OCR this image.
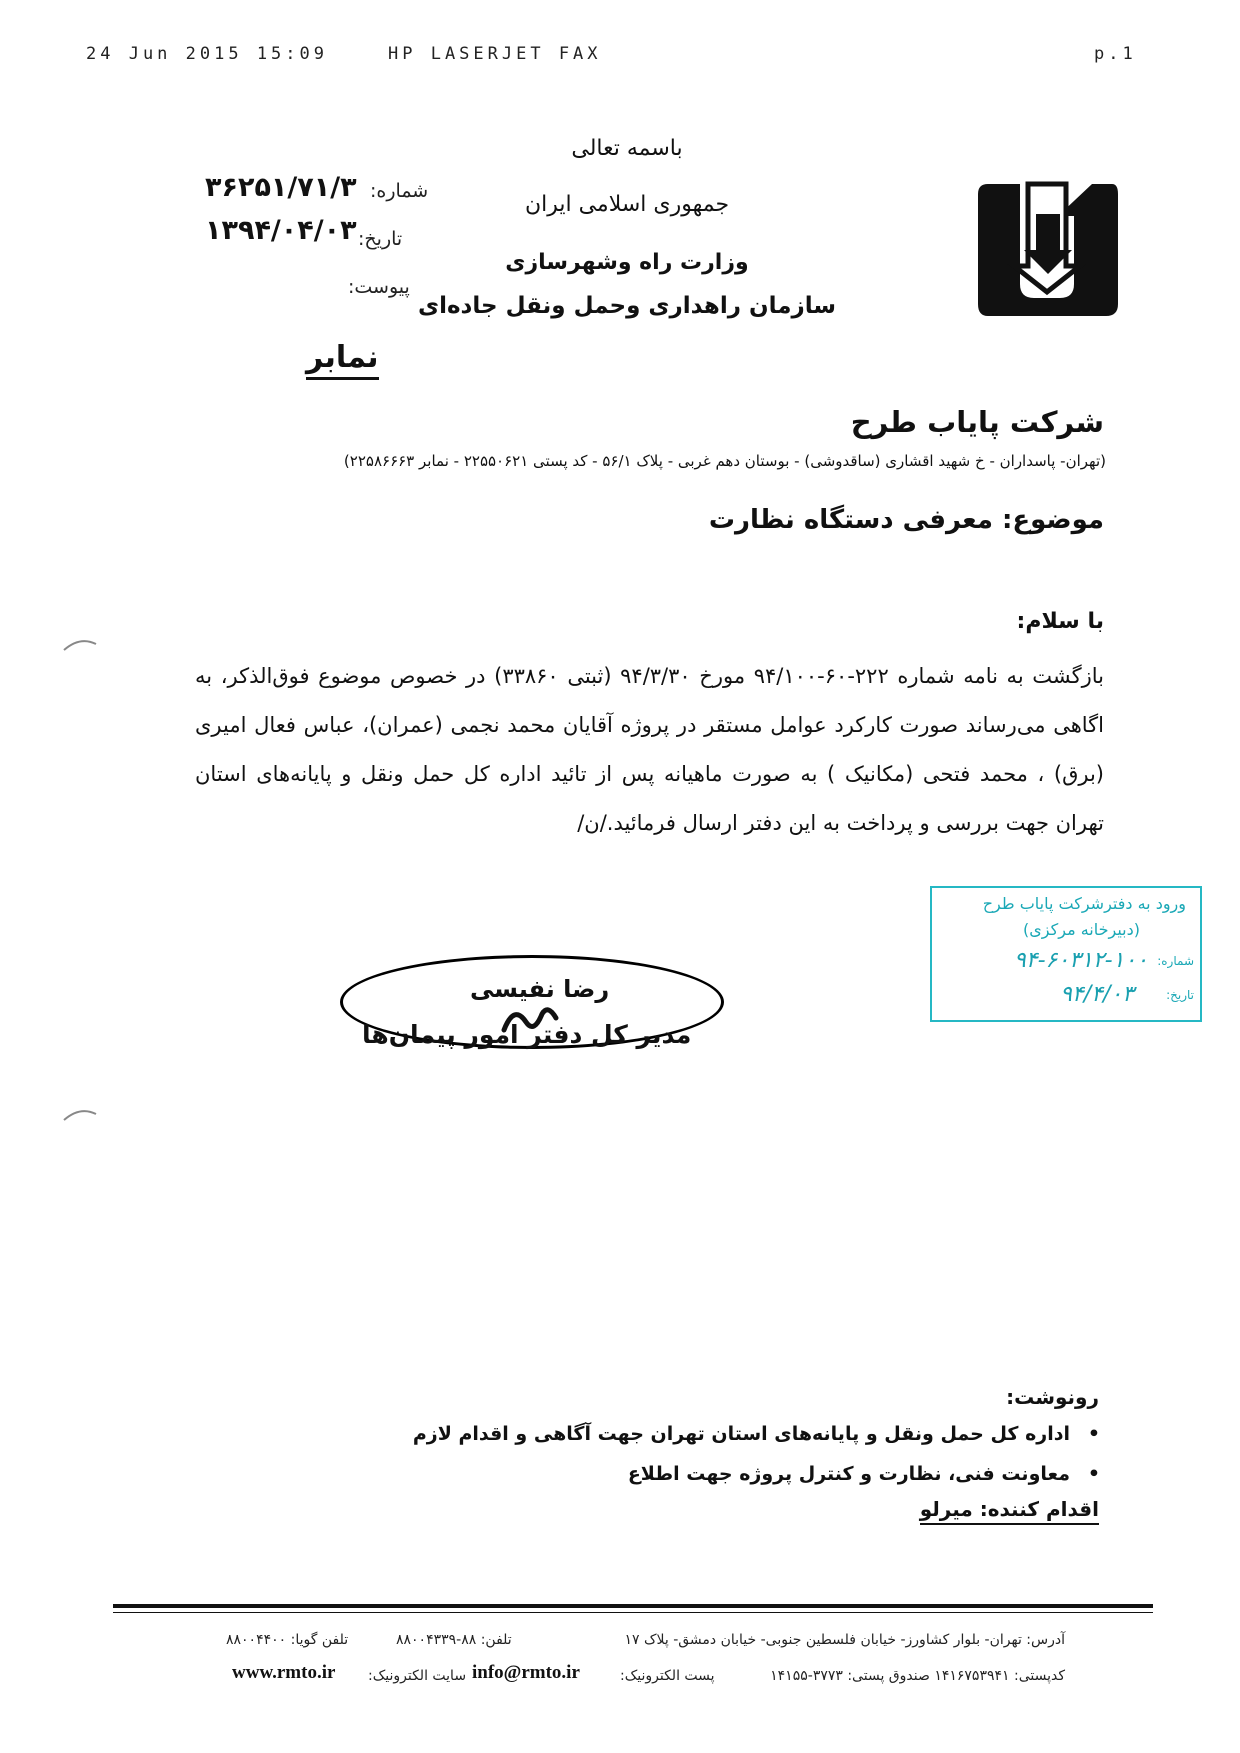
24 Jun 2015 15:09	HP LASERJET FAX	p.1
باسمه تعالی
جمهوری اسلامی ایران
وزارت راه وشهرسازی
سازمان راهداری وحمل ونقل جاده‌ای
شماره:
۳۶۲۵۱/۷۱/۳
تاریخ:
۱۳۹۴/۰۴/۰۳
پیوست:
نمابر
شرکت پایاب طرح
(تهران- پاسداران - خ شهید اقشاری (ساقدوشی) - بوستان دهم غربی - پلاک ۵۶/۱ - کد پستی ۲۲۵۵۰۶۲۱ - نمابر ۲۲۵۸۶۶۶۳)
موضوع: معرفی دستگاه نظارت
با سلام:
بازگشت به نامه شماره ۲۲۲-۶۰-۹۴/۱۰۰ مورخ ۹۴/۳/۳۰ (ثبتی ۳۳۸۶۰) در خصوص موضوع فوق‌الذکر، به اگاهی می‌رساند صورت کارکرد عوامل مستقر در پروژه آقایان محمد نجمی (عمران)، عباس فعال امیری (برق) ، محمد فتحی (مکانیک ) به صورت ماهیانه پس از تائید اداره کل حمل ونقل و پایانه‌های استان تهران جهت بررسی و پرداخت به این دفتر ارسال فرمائید./ن/
ورود به دفترشرکت پایاب طرح
(دبیرخانه مرکزی)
شماره:
۹۴-۶۰۳۱۲-۱۰۰
تاریخ:
۹۴/۴/۰۳
رضا نفیسی
مدیر کل دفتر امور پیمان‌ها
رونوشت:
•اداره کل حمل ونقل و پایانه‌های استان تهران جهت آگاهی و اقدام لازم
•معاونت فنی، نظارت و کنترل پروژه جهت اطلاع
اقدام کننده: میرلو
آدرس: تهران- بلوار کشاورز- خیابان فلسطین جنوبی- خیابان دمشق- پلاک ۱۷
تلفن: ۸۸-۸۸۰۰۴۳۳۹
تلفن گویا: ۸۸۰۰۴۴۰۰
کدپستی: ۱۴۱۶۷۵۳۹۴۱ صندوق پستی: ۳۷۷۳-۱۴۱۵۵
پست الکترونیک:
info@rmto.ir
سایت الکترونیک:
www.rmto.ir
